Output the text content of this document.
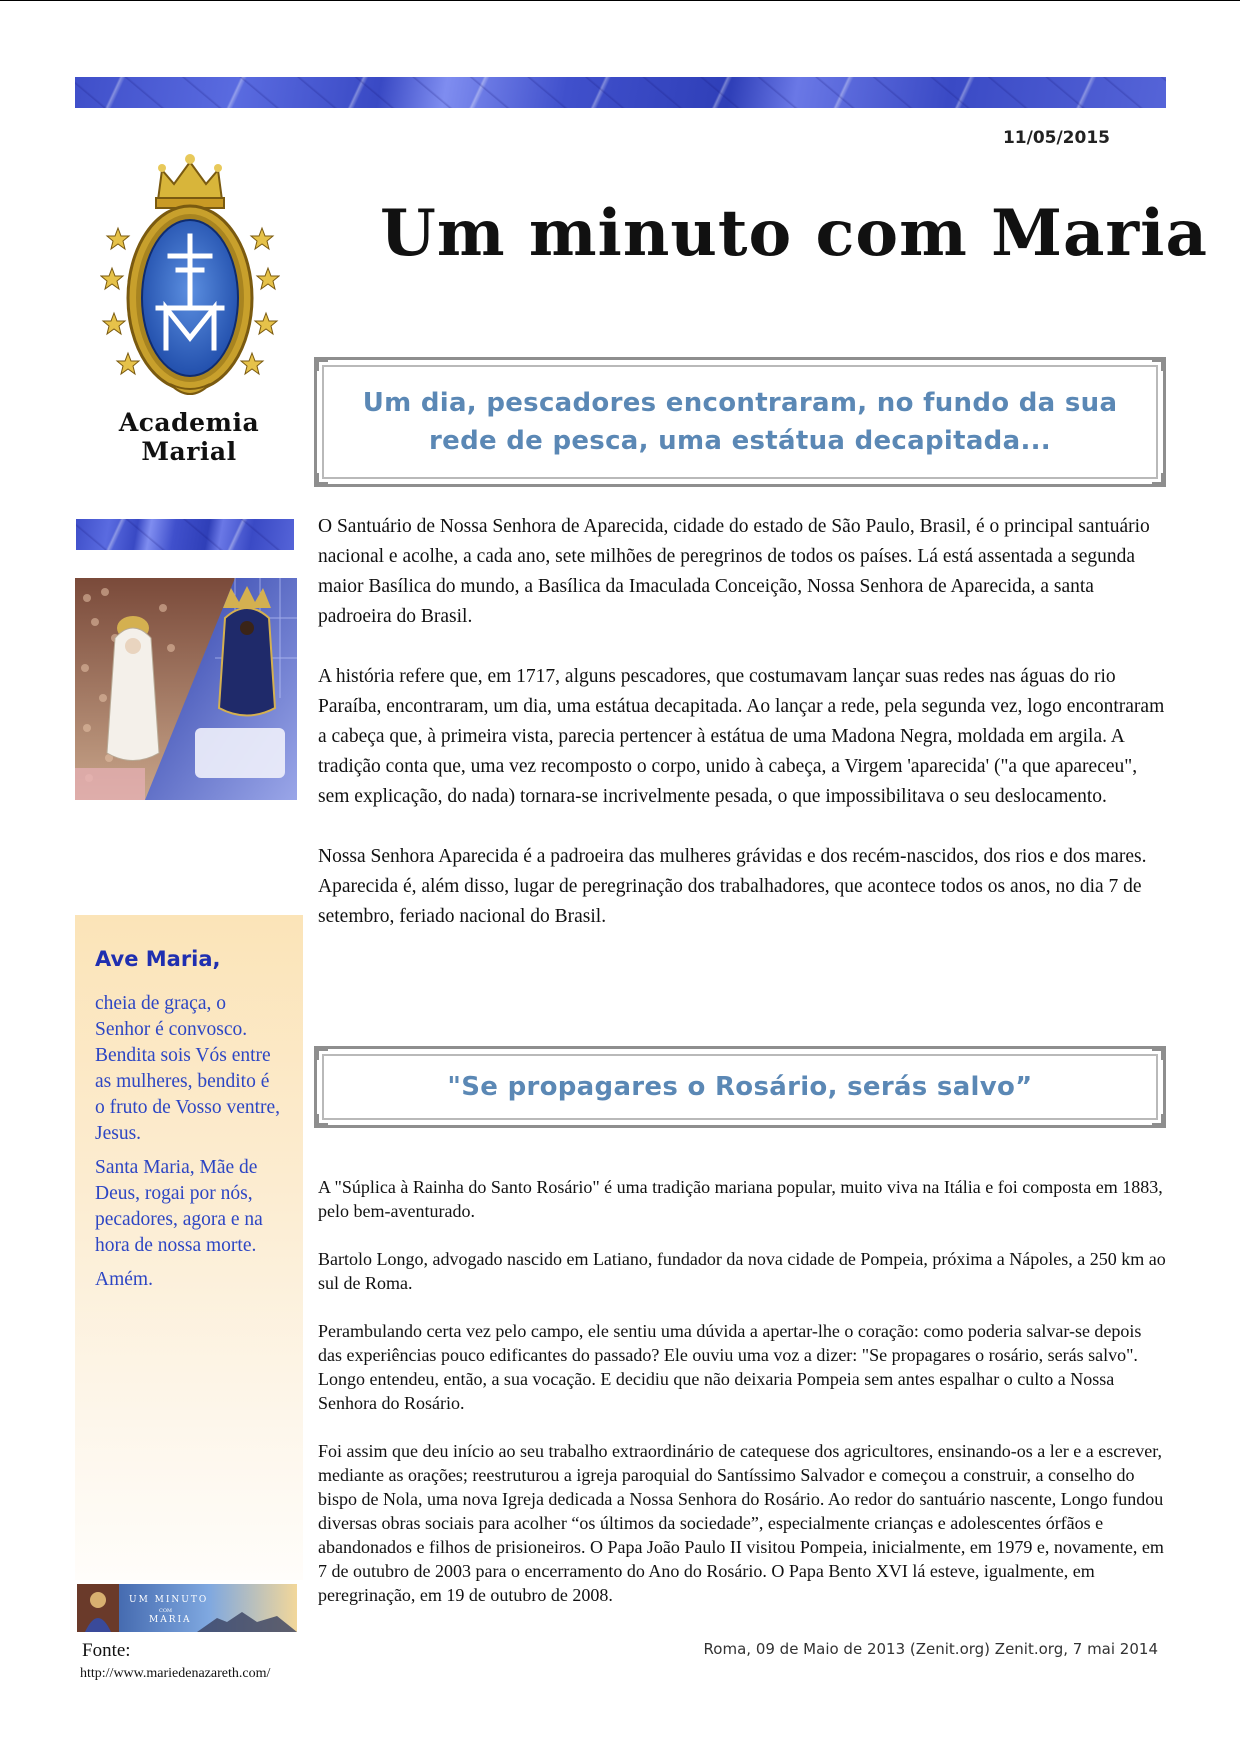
11/05/2015
Um minuto com Maria
Academia Marial
Um dia, pescadores encontraram, no fundo da sua rede de pesca, uma estátua decapitada...

O Santuário de Nossa Senhora de Aparecida, cidade do estado de São Paulo, Brasil, é o principal santuário nacional e acolhe, a cada ano, sete milhões de peregrinos de todos os países. Lá está assentada a segunda maior Basílica do mundo, a Basílica da Imaculada Conceição, Nossa Senhora de Aparecida, a santa padroeira do Brasil.

A história refere que, em 1717, alguns pescadores, que costumavam lançar suas redes nas águas do rio Paraíba, encontraram, um dia, uma estátua decapitada. Ao lançar a rede, pela segunda vez, logo encontraram a cabeça que, à primeira vista, parecia pertencer à estátua de uma Madona Negra, moldada em argila. A tradição conta que, uma vez recomposto o corpo, unido à cabeça, a Virgem 'aparecida' ("a que apareceu", sem explicação, do nada) tornara-se incrivelmente pesada, o que impossibilitava o seu deslocamento.

Nossa Senhora Aparecida é a padroeira das mulheres grávidas e dos recém-nascidos, dos rios e dos mares. Aparecida é, além disso, lugar de peregrinação dos trabalhadores, que acontece todos os anos, no dia 7 de setembro, feriado nacional do Brasil.

Ave Maria,

cheia de graça, o Senhor é convosco. Bendita sois Vós entre as mulheres, bendito é o fruto de Vosso ventre, Jesus.

Santa Maria, Mãe de Deus, rogai por nós, pecadores, agora e na hora de nossa morte.

Amém.

"Se propagares o Rosário, serás salvo”

A "Súplica à Rainha do Santo Rosário" é uma tradição mariana popular, muito viva na Itália e foi composta em 1883, pelo bem-aventurado.

Bartolo Longo, advogado nascido em Latiano, fundador da nova cidade de Pompeia, próxima a Nápoles, a 250 km ao sul de Roma.

Perambulando certa vez pelo campo, ele sentiu uma dúvida a apertar-lhe o coração: como poderia salvar-se depois das experiências pouco edificantes do passado? Ele ouviu uma voz a dizer: "Se propagares o rosário, serás salvo". Longo entendeu, então, a sua vocação. E decidiu que não deixaria Pompeia sem antes espalhar o culto a Nossa Senhora do Rosário.

Foi assim que deu início ao seu trabalho extraordinário de catequese dos agricultores, ensinando-os a ler e a escrever, mediante as orações; reestruturou a igreja paroquial do Santíssimo Salvador e começou a construir, a conselho do bispo de Nola, uma nova Igreja dedicada a Nossa Senhora do Rosário. Ao redor do santuário nascente, Longo fundou diversas obras sociais para acolher “os últimos da sociedade”, especialmente crianças e adolescentes órfãos e abandonados e filhos de prisioneiros. O Papa João Paulo II visitou Pompeia, inicialmente, em 1979 e, novamente, em 7 de outubro de 2003 para o encerramento do Ano do Rosário. O Papa Bento XVI lá esteve, igualmente, em peregrinação, em 19 de outubro de 2008.

UM MINUTO
COM
MARIA
Fonte:
http://www.mariedenazareth.com/
Roma, 09 de Maio de 2013 (Zenit.org) Zenit.org, 7 mai 2014
